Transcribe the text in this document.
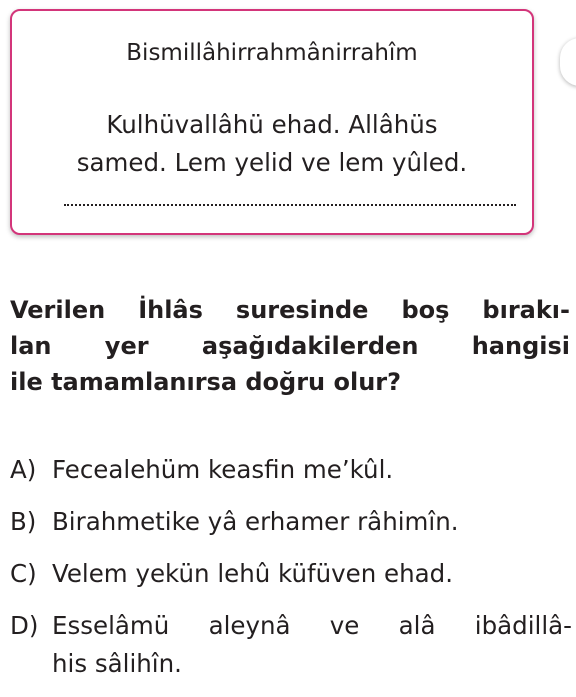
Bismillâhirrahmânirrahîm
Kulhüvallâhü ehad. Allâhüs
samed. Lem yelid ve lem yûled.
Verilen İhlâs suresinde boş bırakı-
lan yer aşağıdakilerden hangisi
ile tamamlanırsa doğru olur?
A) Fecealehüm keasfin me’kûl.
B) Birahmetike yâ erhamer râhimîn.
C) Velem yekün lehû küfüven ehad.
D) Esselâmü aleynâ ve alâ ibâdillâ-
his sâlihîn.
